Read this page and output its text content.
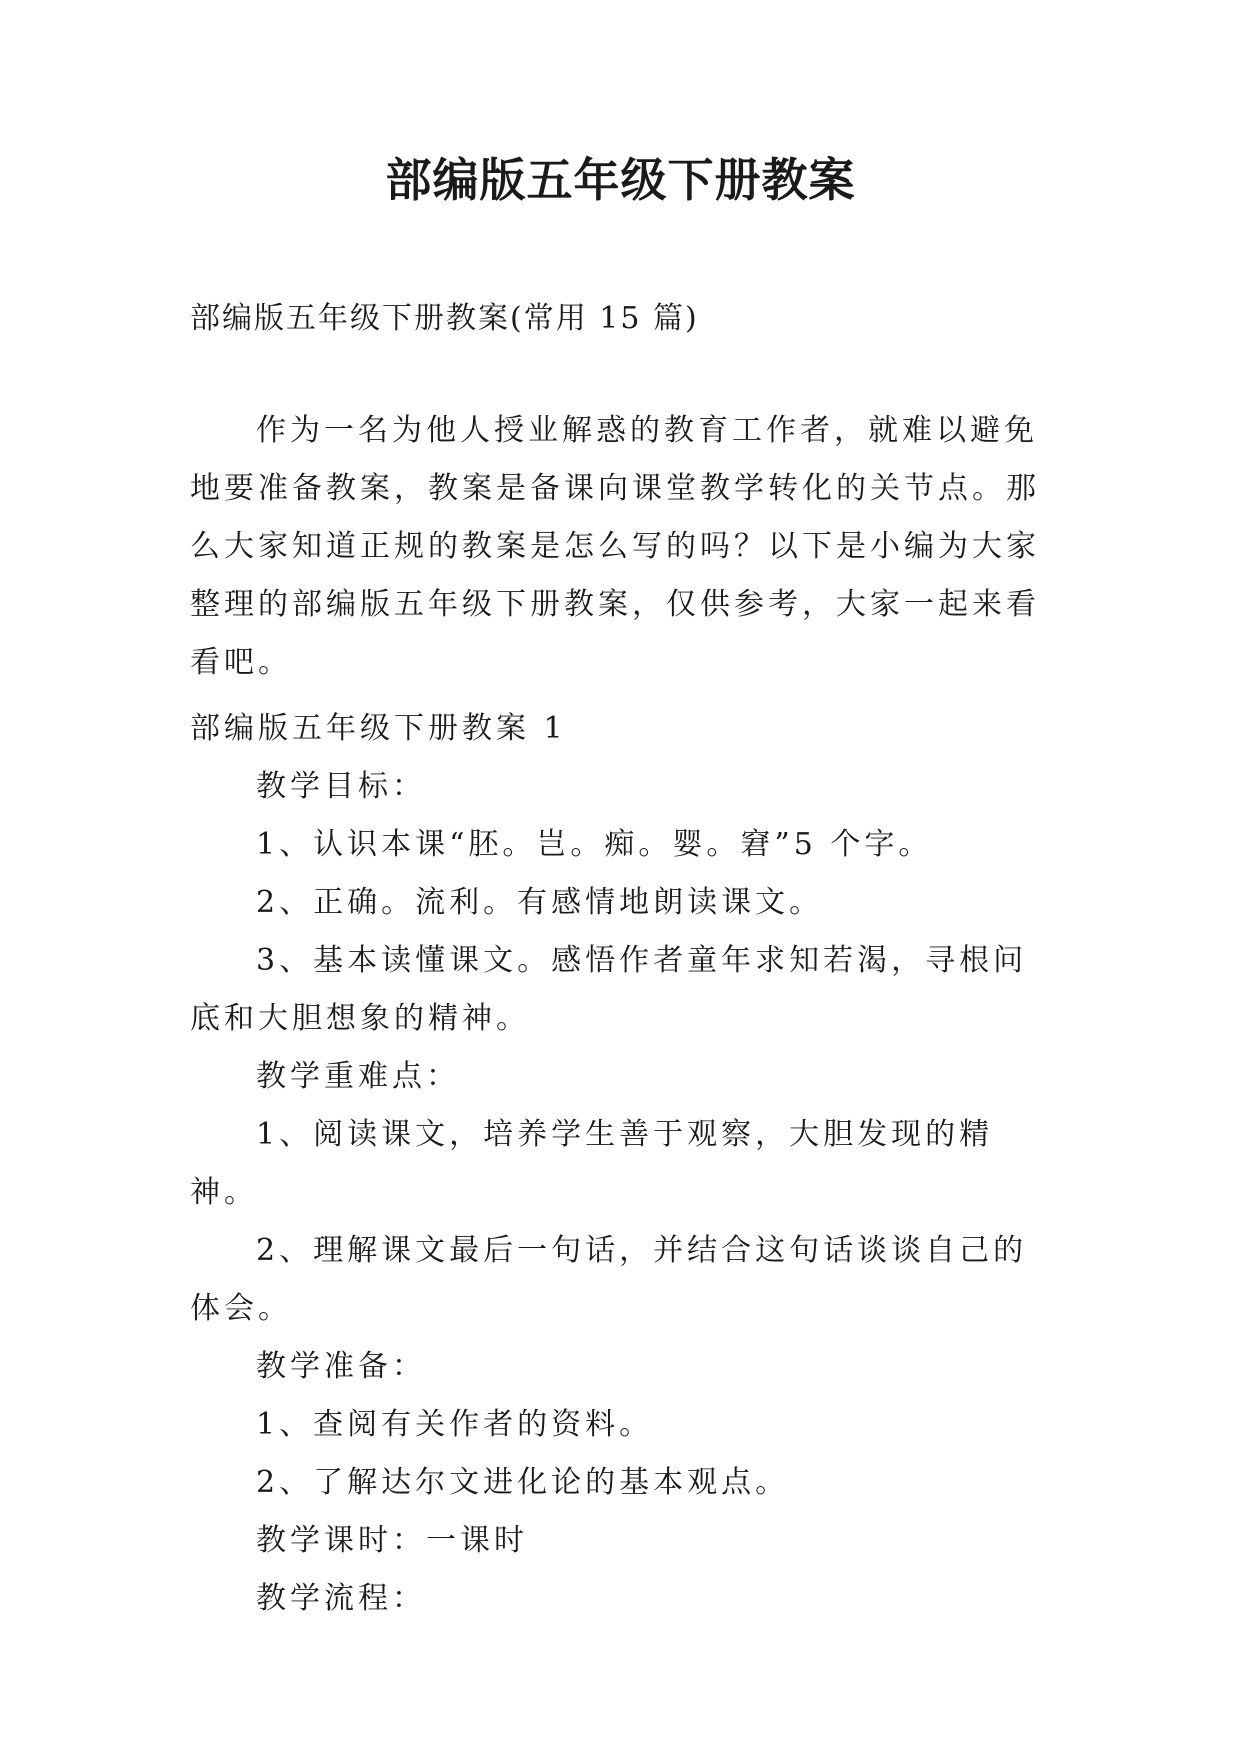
部编版五年级下册教案
部编版五年级下册教案(常用 15 篇)

作为一名为他人授业解惑的教育工作者，就难以避免地要准备教案，教案是备课向课堂教学转化的关节点。那么大家知道正规的教案是怎么写的吗？以下是小编为大家整理的部编版五年级下册教案，仅供参考，大家一起来看看吧。

部编版五年级下册教案 1

教学目标：

1、认识本课“胚。岂。痴。婴。窘”5 个字。

2、正确。流利。有感情地朗读课文。

3、基本读懂课文。感悟作者童年求知若渴，寻根问底和大胆想象的精神。

教学重难点：

1、阅读课文，培养学生善于观察，大胆发现的精神。

2、理解课文最后一句话，并结合这句话谈谈自己的体会。

教学准备：

1、查阅有关作者的资料。

2、了解达尔文进化论的基本观点。

教学课时：一课时

教学流程：
